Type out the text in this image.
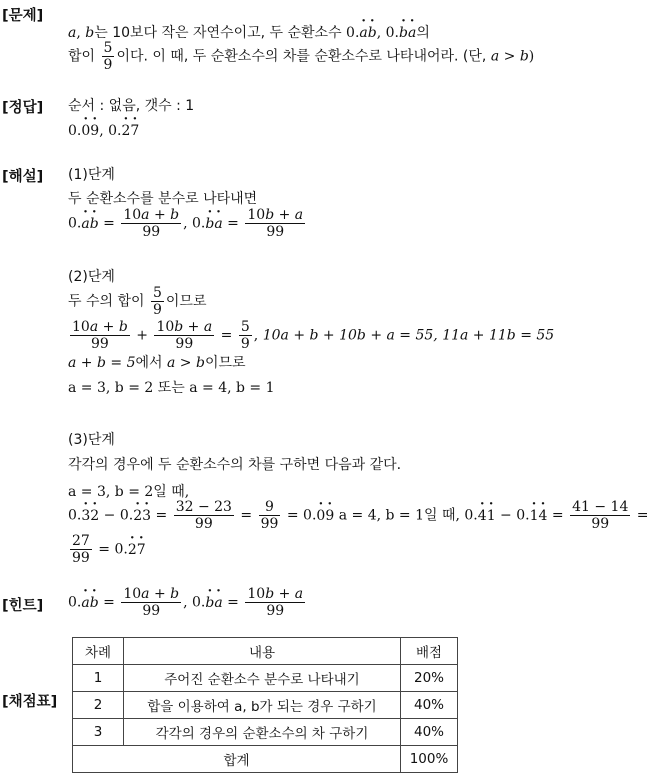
[문제]
a, b는 10보다 작은 자연수이고, 두 순환소수 0.· a· b, 0.· b· a의
합이 $\frac{5}{9}$ 이다. 이 때, 두 순환소수의 차를 순환소수로 나타내어라. (단, a > b)
[정답] 순서 : 없음, 갯수 : 1
0.· 0· 9, 0.· 2· 7
[해설] (1)단계
두 순환소수를 분수로 나타내면
$0.\cdot a\cdot b = \frac{10a + b}{99}$ , $0.\cdot b\cdot a = \frac{10b + a}{99}$
(2)단계
두 수의 합이 $\frac{5}{9}$ 이므로
$\frac{10a + b}{99} + \frac{10b + a}{99} = \frac{5}{9}$ , 10a + b + 10b + a = 55, 11a + 11b = 55
a + b = 5에서 a > b이므로
a = 3, b = 2 또는 a = 4, b = 1
(3)단계
각각의 경우에 두 순환소수의 차를 구하면 다음과 같다.
a = 3, b = 2일 때,
$0.\cdot 3\cdot 2 - 0.\cdot 2\cdot 3 = \frac{32 - 23}{99} = \frac{9}{99} = 0.\cdot 0\cdot 9$ a = 4, b = 1일 때, $0.\cdot 4\cdot 1 - 0.\cdot 1\cdot 4 = \frac{41 - 14}{99}$ =
$\frac{27}{99} = 0.\cdot 2\cdot 7$
[힌트] $0.\cdot a\cdot b = \frac{10a + b}{99}$ , $0.\cdot b\cdot a = \frac{10b + a}{99}$
[채점표]
차례	내용	배점
1	주어진 순환소수 분수로 나타내기	20%
2	합을 이용하여 a, b가 되는 경우 구하기	40%
3	각각의 경우의 순환소수의 차 구하기	40%
합계		100%
